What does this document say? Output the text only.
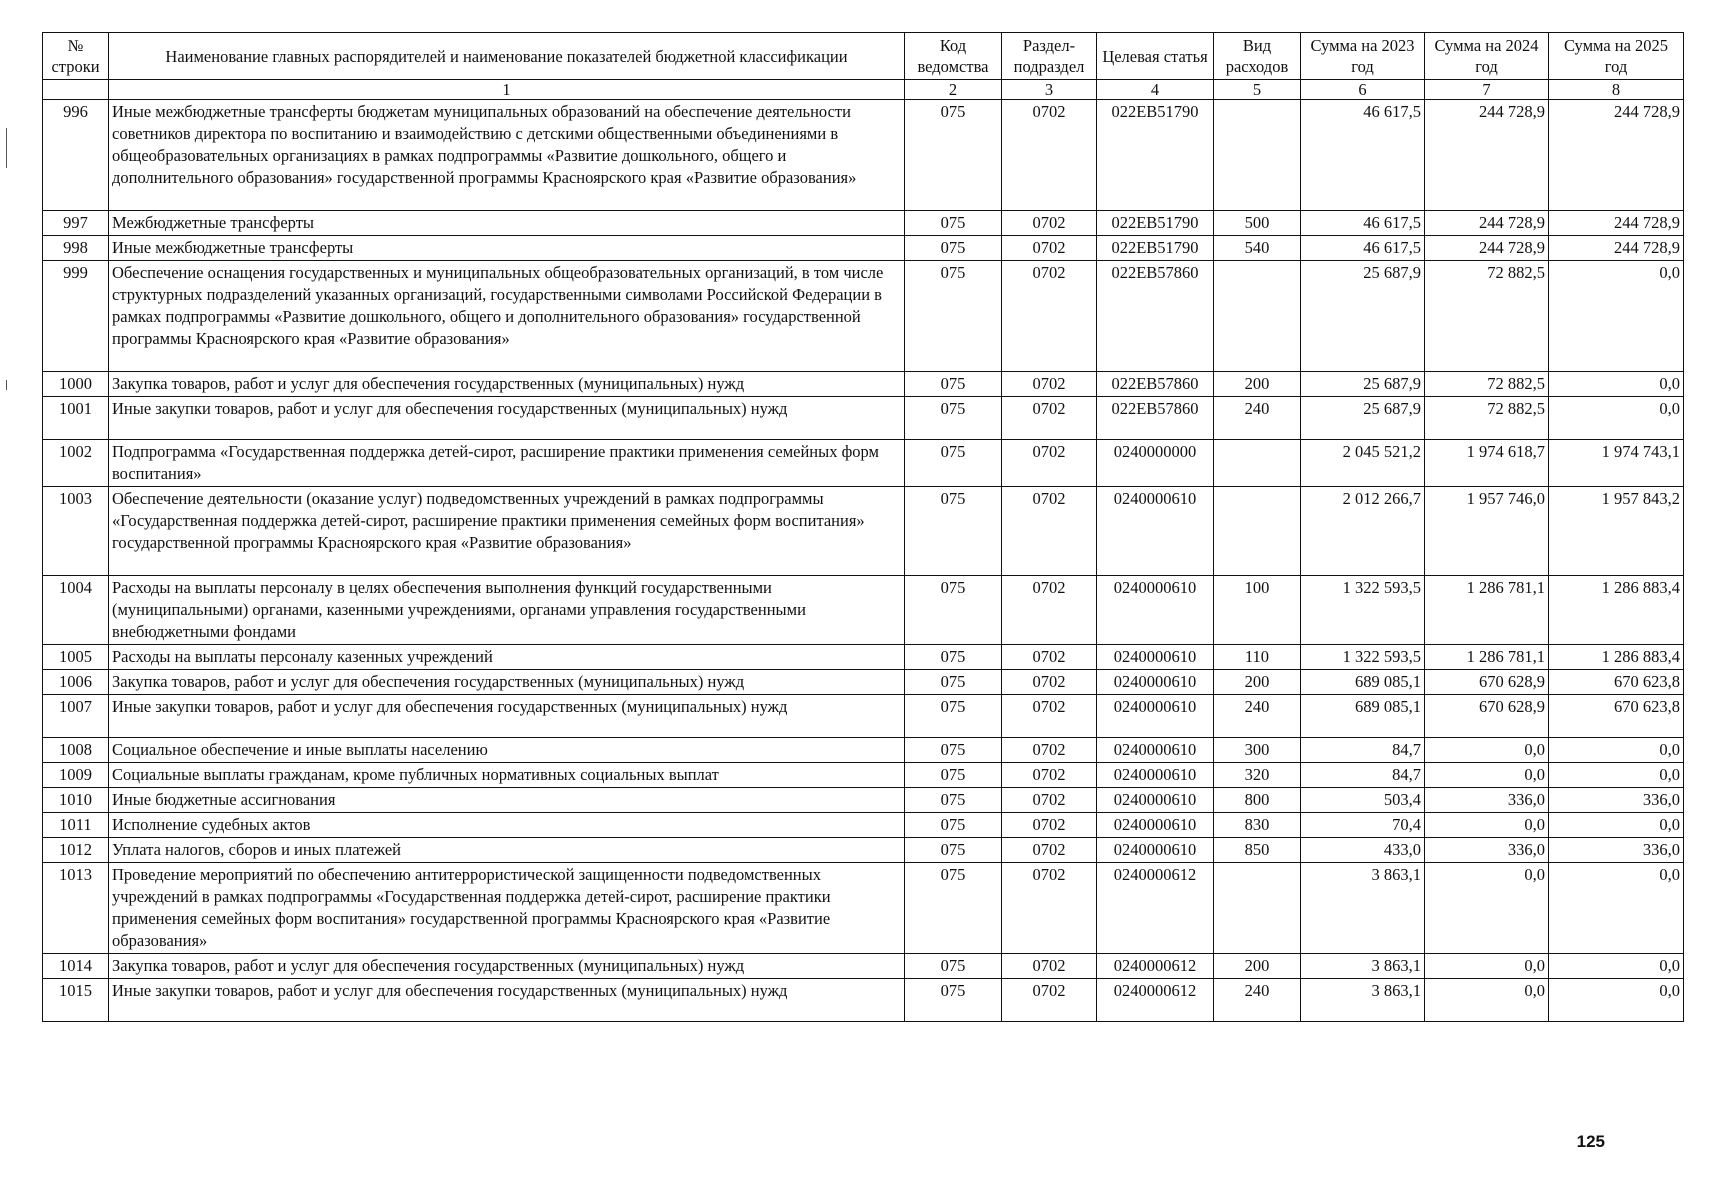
№ строки	Наименование главных распорядителей и наименование показателей бюджетной классификации	Код ведомства	Раздел-подраздел	Целевая статья	Вид расходов	Сумма на 2023 год	Сумма на 2024 год	Сумма на 2025 год
	1	2	3	4	5	6	7	8
996	Иные межбюджетные трансферты бюджетам муниципальных образований на обеспечение деятельности советников директора по воспитанию и взаимодействию с детскими общественными объединениями в общеобразовательных организациях в рамках подпрограммы «Развитие дошкольного, общего и дополнительного образования» государственной программы Красноярского края «Развитие образования»	075	0702	022ЕВ51790		46 617,5	244 728,9	244 728,9
997	Межбюджетные трансферты	075	0702	022ЕВ51790	500	46 617,5	244 728,9	244 728,9
998	Иные межбюджетные трансферты	075	0702	022ЕВ51790	540	46 617,5	244 728,9	244 728,9
999	Обеспечение оснащения государственных и муниципальных общеобразовательных организаций, в том числе структурных подразделений указанных организаций, государственными символами Российской Федерации в рамках подпрограммы «Развитие дошкольного, общего и дополнительного образования» государственной программы Красноярского края «Развитие образования»	075	0702	022ЕВ57860		25 687,9	72 882,5	0,0
1000	Закупка товаров, работ и услуг для обеспечения государственных (муниципальных) нужд	075	0702	022ЕВ57860	200	25 687,9	72 882,5	0,0
1001	Иные закупки товаров, работ и услуг для обеспечения государственных (муниципальных) нужд	075	0702	022ЕВ57860	240	25 687,9	72 882,5	0,0
1002	Подпрограмма «Государственная поддержка детей-сирот, расширение практики применения семейных форм воспитания»	075	0702	0240000000		2 045 521,2	1 974 618,7	1 974 743,1
1003	Обеспечение деятельности (оказание услуг) подведомственных учреждений в рамках подпрограммы «Государственная поддержка детей-сирот, расширение практики применения семейных форм воспитания» государственной программы Красноярского края «Развитие образования»	075	0702	0240000610		2 012 266,7	1 957 746,0	1 957 843,2
1004	Расходы на выплаты персоналу в целях обеспечения выполнения функций государственными (муниципальными) органами, казенными учреждениями, органами управления государственными внебюджетными фондами	075	0702	0240000610	100	1 322 593,5	1 286 781,1	1 286 883,4
1005	Расходы на выплаты персоналу казенных учреждений	075	0702	0240000610	110	1 322 593,5	1 286 781,1	1 286 883,4
1006	Закупка товаров, работ и услуг для обеспечения государственных (муниципальных) нужд	075	0702	0240000610	200	689 085,1	670 628,9	670 623,8
1007	Иные закупки товаров, работ и услуг для обеспечения государственных (муниципальных) нужд	075	0702	0240000610	240	689 085,1	670 628,9	670 623,8
1008	Социальное обеспечение и иные выплаты населению	075	0702	0240000610	300	84,7	0,0	0,0
1009	Социальные выплаты гражданам, кроме публичных нормативных социальных выплат	075	0702	0240000610	320	84,7	0,0	0,0
1010	Иные бюджетные ассигнования	075	0702	0240000610	800	503,4	336,0	336,0
1011	Исполнение судебных актов	075	0702	0240000610	830	70,4	0,0	0,0
1012	Уплата налогов, сборов и иных платежей	075	0702	0240000610	850	433,0	336,0	336,0
1013	Проведение мероприятий по обеспечению антитеррористической защищенности подведомственных учреждений в рамках подпрограммы «Государственная поддержка детей-сирот, расширение практики применения семейных форм воспитания» государственной программы Красноярского края «Развитие образования»	075	0702	0240000612		3 863,1	0,0	0,0
1014	Закупка товаров, работ и услуг для обеспечения государственных (муниципальных) нужд	075	0702	0240000612	200	3 863,1	0,0	0,0
1015	Иные закупки товаров, работ и услуг для обеспечения государственных (муниципальных) нужд	075	0702	0240000612	240	3 863,1	0,0	0,0
125
